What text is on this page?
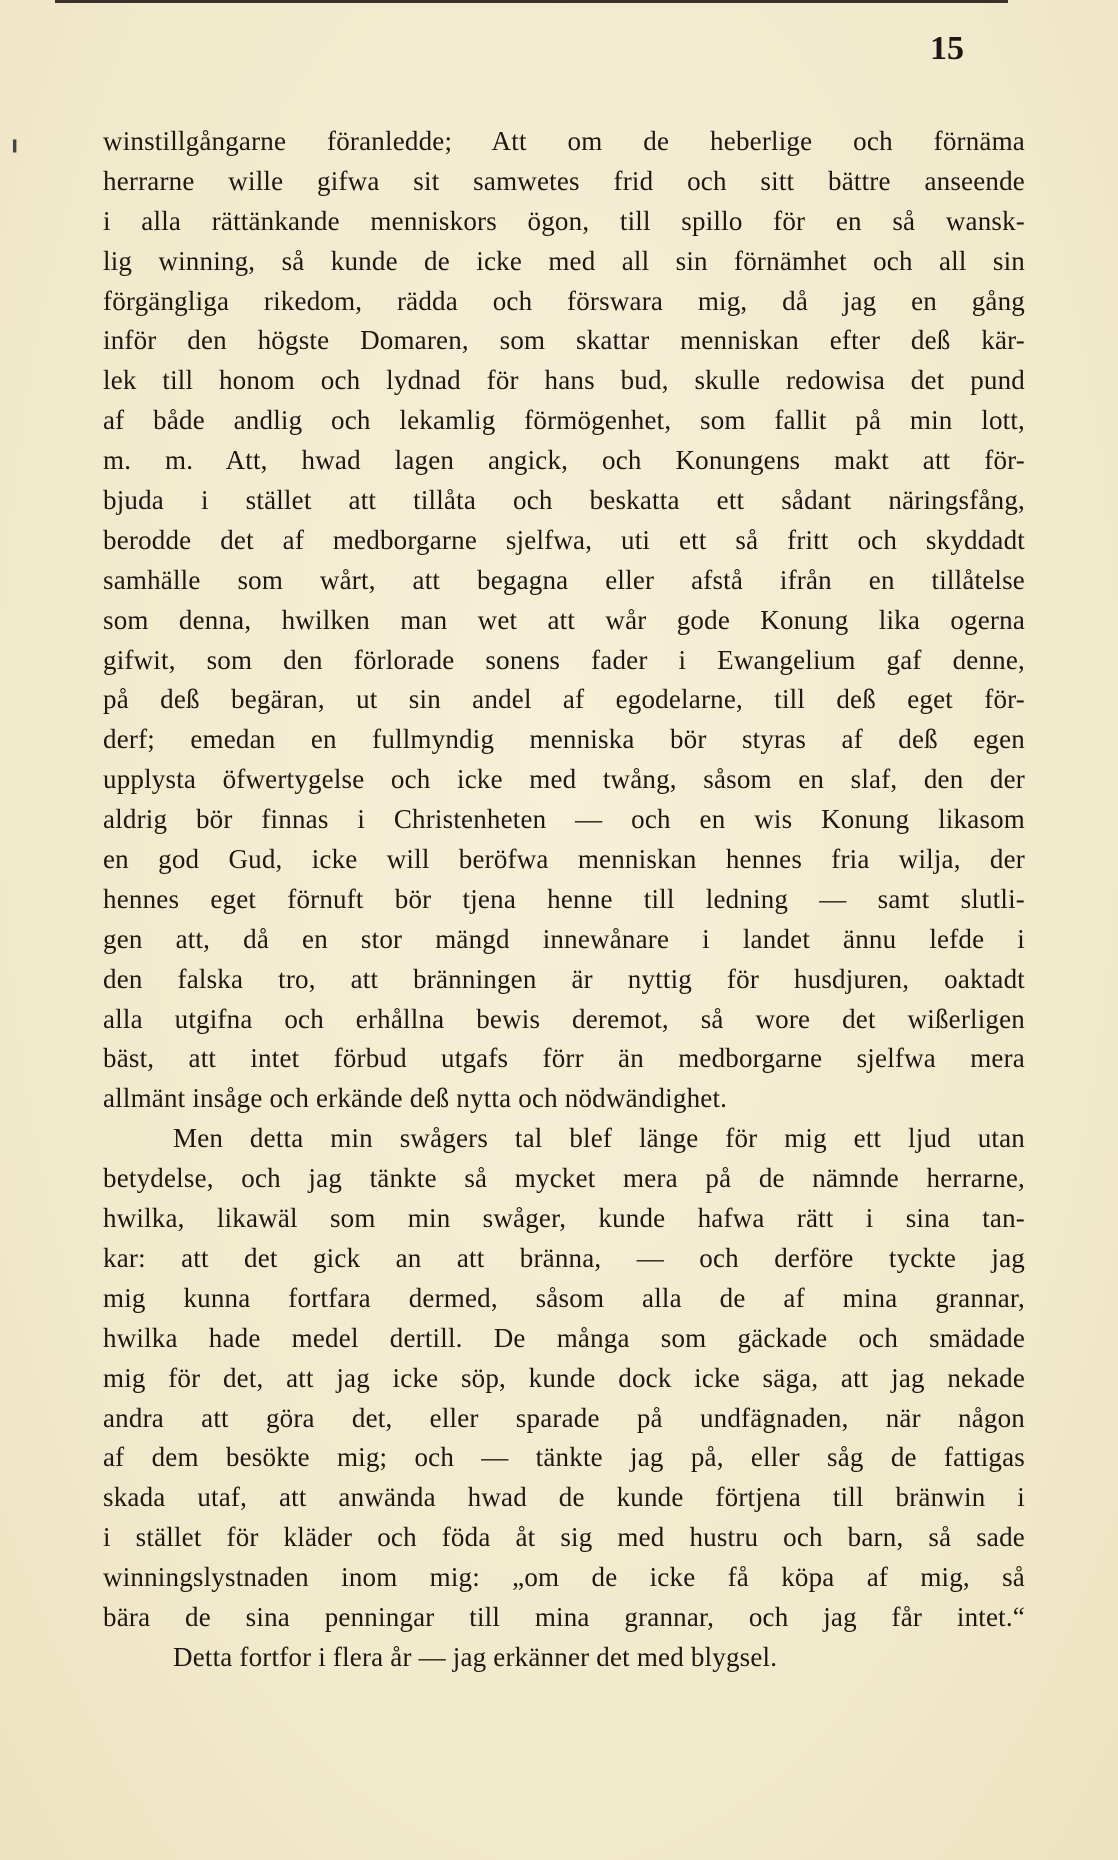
15
╻	winstillgångarne föranledde; Att om de heberlige och förnäma
herrarne wille gifwa sit samwetes frid och sitt bättre anseende
i alla rättänkande menniskors ögon, till spillo för en så wansk-
lig winning, så kunde de icke med all sin förnämhet och all sin
förgängliga rikedom, rädda och förswara mig, då jag en gång
inför den högste Domaren, som skattar menniskan efter deß kär-
lek till honom och lydnad för hans bud, skulle redowisa det pund
af både andlig och lekamlig förmögenhet, som fallit på min lott,
m. m. Att, hwad lagen angick, och Konungens makt att för-
bjuda i stället att tillåta och beskatta ett sådant näringsfång,
berodde det af medborgarne sjelfwa, uti ett så fritt och skyddadt
samhälle som wårt, att begagna eller afstå ifrån en tillåtelse
som denna, hwilken man wet att wår gode Konung lika ogerna
gifwit, som den förlorade sonens fader i Ewangelium gaf denne,
på deß begäran, ut sin andel af egodelarne, till deß eget för-
derf; emedan en fullmyndig menniska bör styras af deß egen
upplysta öfwertygelse och icke med twång, såsom en slaf, den der
aldrig bör finnas i Christenheten — och en wis Konung likasom
en god Gud, icke will beröfwa menniskan hennes fria wilja, der
hennes eget förnuft bör tjena henne till ledning — samt slutli-
gen att, då en stor mängd innewånare i landet ännu lefde i
den falska tro, att bränningen är nyttig för husdjuren, oaktadt
alla utgifna och erhållna bewis deremot, så wore det wißerligen
bäst, att intet förbud utgafs förr än medborgarne sjelfwa mera
allmänt insåge och erkände deß nytta och nödwändighet.
Men detta min swågers tal blef länge för mig ett ljud utan
betydelse, och jag tänkte så mycket mera på de nämnde herrarne,
hwilka, likawäl som min swåger, kunde hafwa rätt i sina tan-
kar: att det gick an att bränna, — och derföre tyckte jag
mig kunna fortfara dermed, såsom alla de af mina grannar,
hwilka hade medel dertill. De många som gäckade och smädade
mig för det, att jag icke söp, kunde dock icke säga, att jag nekade
andra att göra det, eller sparade på undfägnaden, när någon
af dem besökte mig; och — tänkte jag på, eller såg de fattigas
skada utaf, att anwända hwad de kunde förtjena till bränwin i
i stället för kläder och föda åt sig med hustru och barn, så sade
winningslystnaden inom mig: „om de icke få köpa af mig, så
bära de sina penningar till mina grannar, och jag får intet.“
Detta fortfor i flera år — jag erkänner det med blygsel.
